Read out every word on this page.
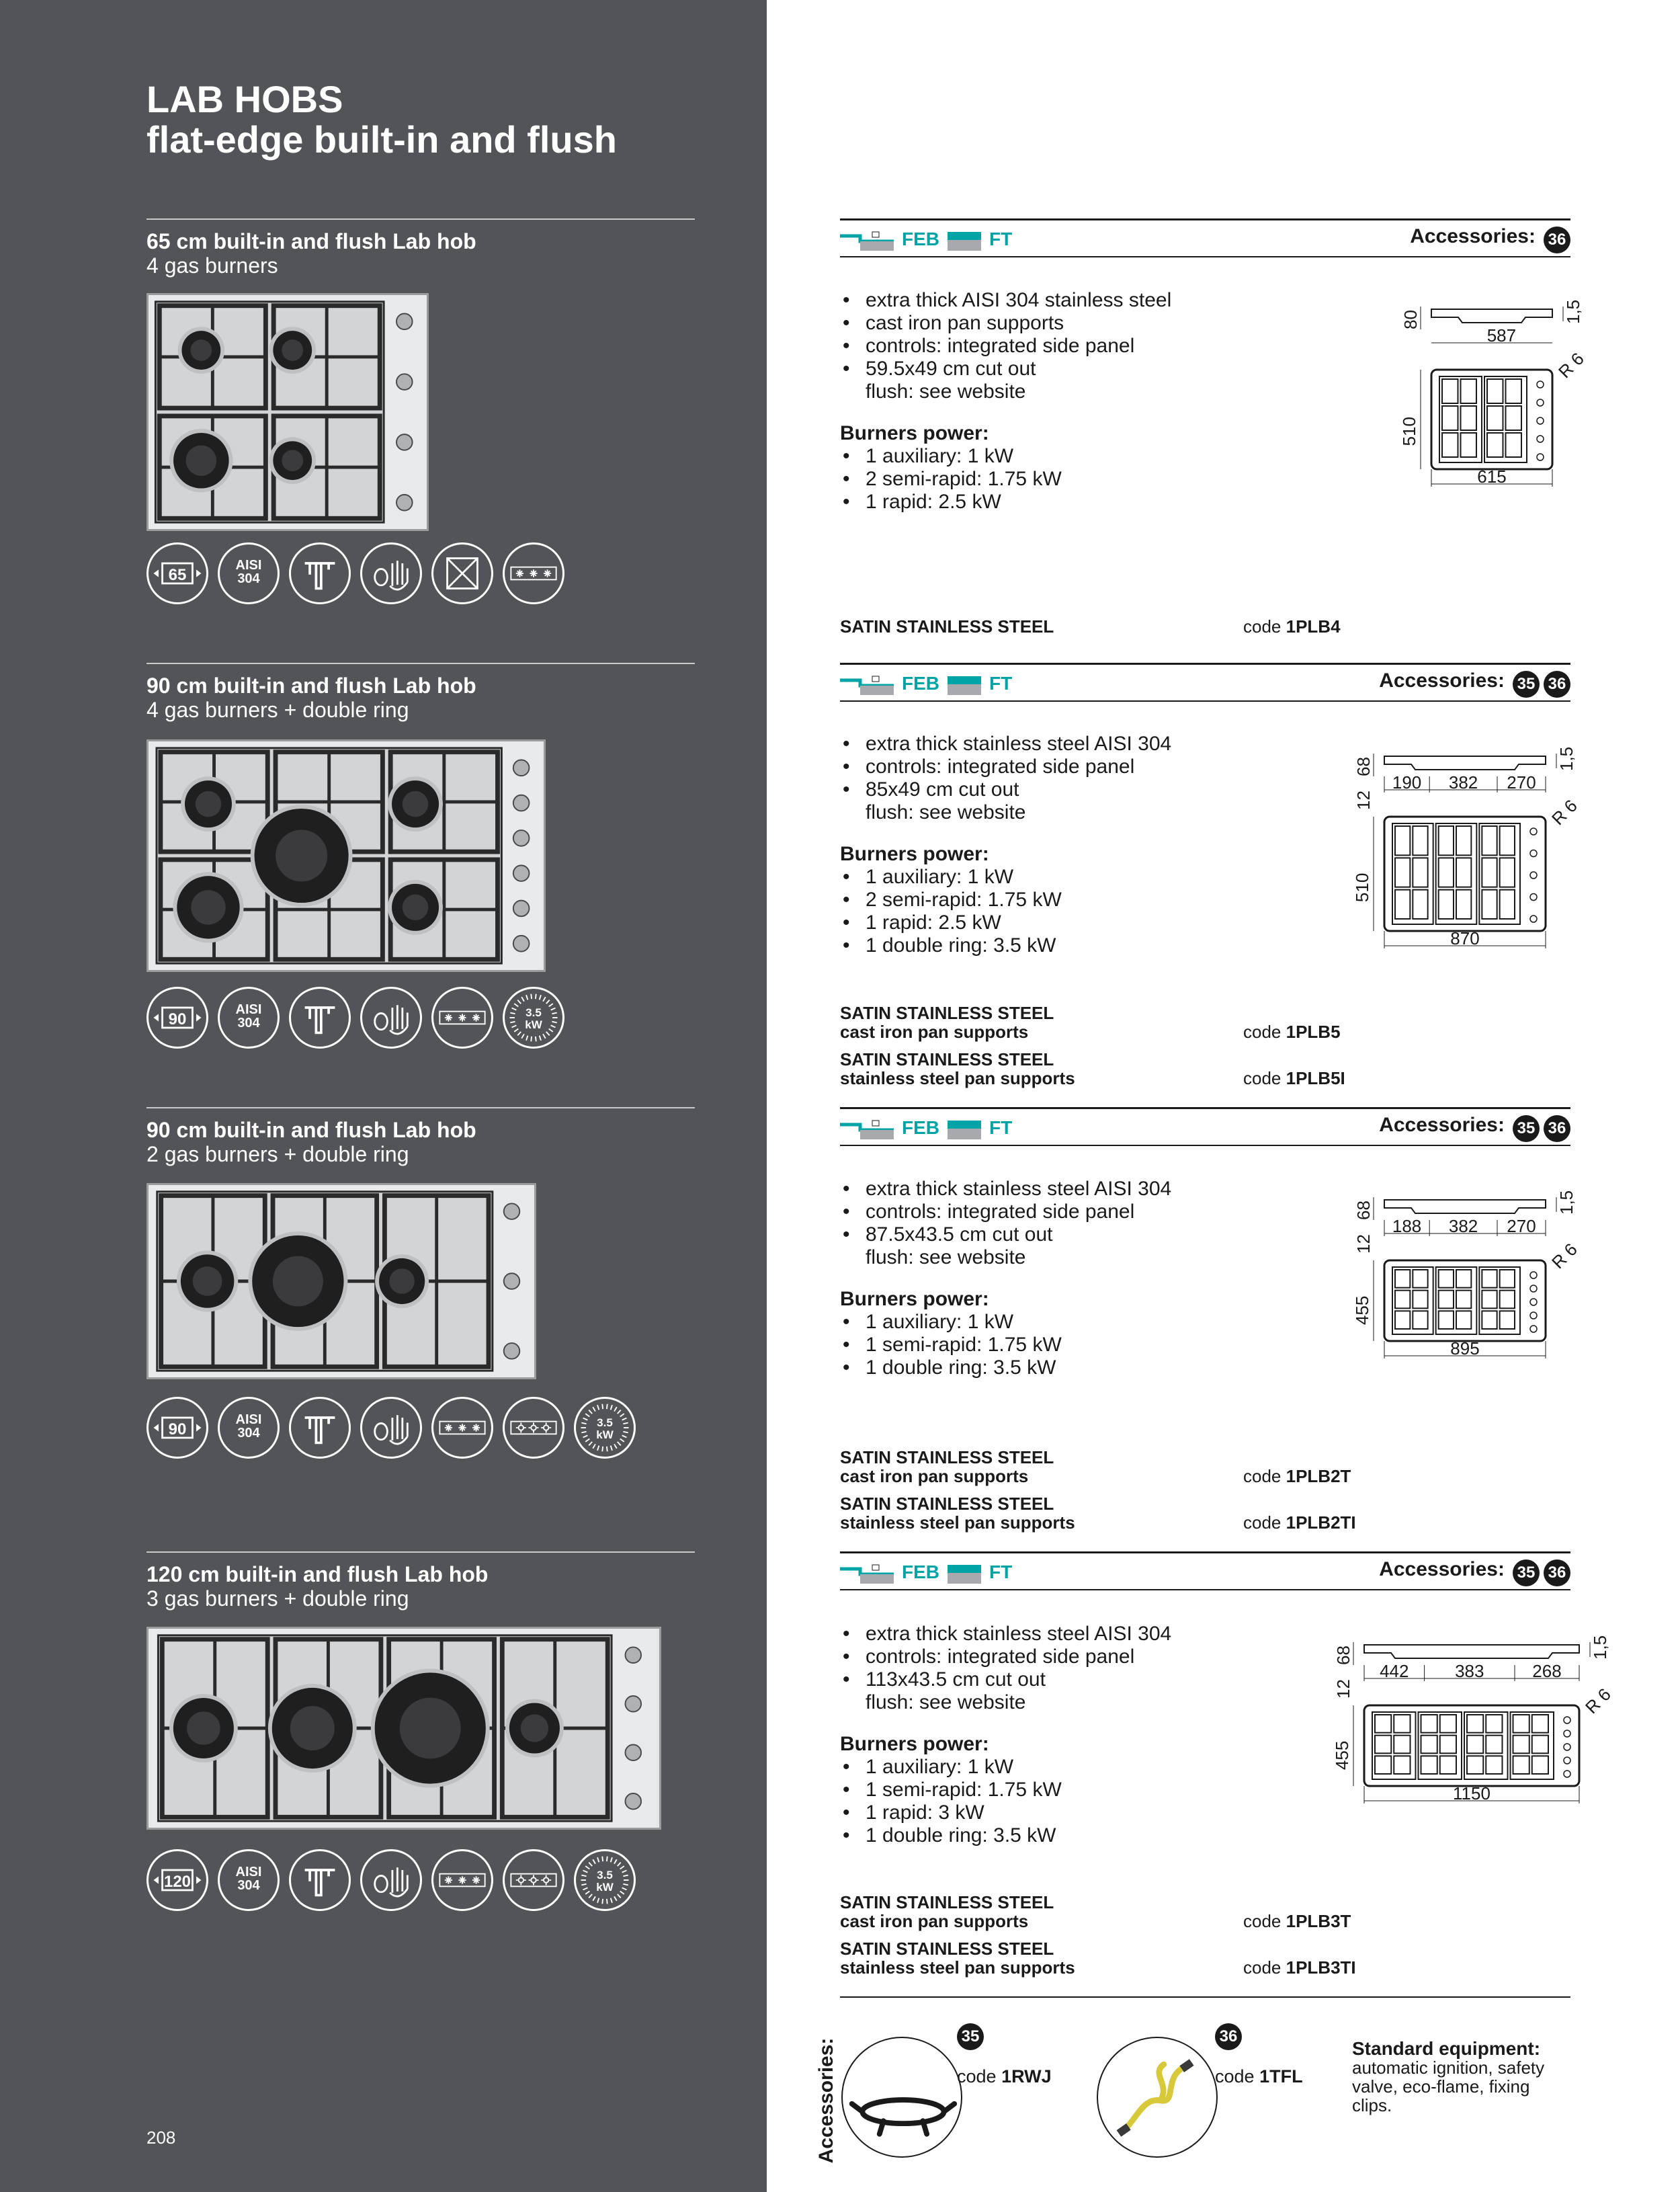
LAB HOBS
flat-edge built-in and flush
65 cm built-in and flush Lab hob
4 gas burners
65
AISI
304
FEB	FT	Accessories: 36
• extra thick AISI 304 stainless steel
• cast iron pan supports
• controls: integrated side panel
• 59.5x49 cm cut out
flush: see website
Burners power:
• 1 auxiliary: 1 kW
• 2 semi-rapid: 1.75 kW
• 1 rapid: 2.5 kW
80	1,5
587
R 6
510
615
SATIN STAINLESS STEEL	code 1PLB4
90 cm built-in and flush Lab hob
4 gas burners + double ring
90
AISI
304
3.5
kW
FEB	FT	Accessories: 35 36
• extra thick stainless steel AISI 304
• controls: integrated side panel
• 85x49 cm cut out
flush: see website
Burners power:
• 1 auxiliary: 1 kW
• 2 semi-rapid: 1.75 kW
• 1 rapid: 2.5 kW
• 1 double ring: 3.5 kW
68
12
1,5
190 382 270
R 6
510
870
SATIN STAINLESS STEEL
cast iron pan supports	code 1PLB5
SATIN STAINLESS STEEL
stainless steel pan supports	code 1PLB5I
90 cm built-in and flush Lab hob
2 gas burners + double ring
90
AISI
304
3.5
kW
FEB	FT	Accessories: 35 36
• extra thick stainless steel AISI 304
• controls: integrated side panel
• 87.5x43.5 cm cut out
flush: see website
Burners power:
• 1 auxiliary: 1 kW
• 1 semi-rapid: 1.75 kW
• 1 double ring: 3.5 kW
68
12
1,5
188 382 270
R 6
455
895
SATIN STAINLESS STEEL
cast iron pan supports	code 1PLB2T
SATIN STAINLESS STEEL
stainless steel pan supports	code 1PLB2TI
120 cm built-in and flush Lab hob
3 gas burners + double ring
120
AISI
304
3.5
kW
FEB	FT	Accessories: 35 36
• extra thick stainless steel AISI 304
• controls: integrated side panel
• 113x43.5 cm cut out
flush: see website
Burners power:
• 1 auxiliary: 1 kW
• 1 semi-rapid: 1.75 kW
• 1 rapid: 3 kW
• 1 double ring: 3.5 kW
68
12
1,5
442	383	268
R 6
455
1150
SATIN STAINLESS STEEL
cast iron pan supports	code 1PLB3T
SATIN STAINLESS STEEL
stainless steel pan supports	code 1PLB3TI
Accessories:
35
code 1RWJ
36
code 1TFL
Standard equipment:
automatic ignition, safety valve, eco-flame, fixing clips.
208
